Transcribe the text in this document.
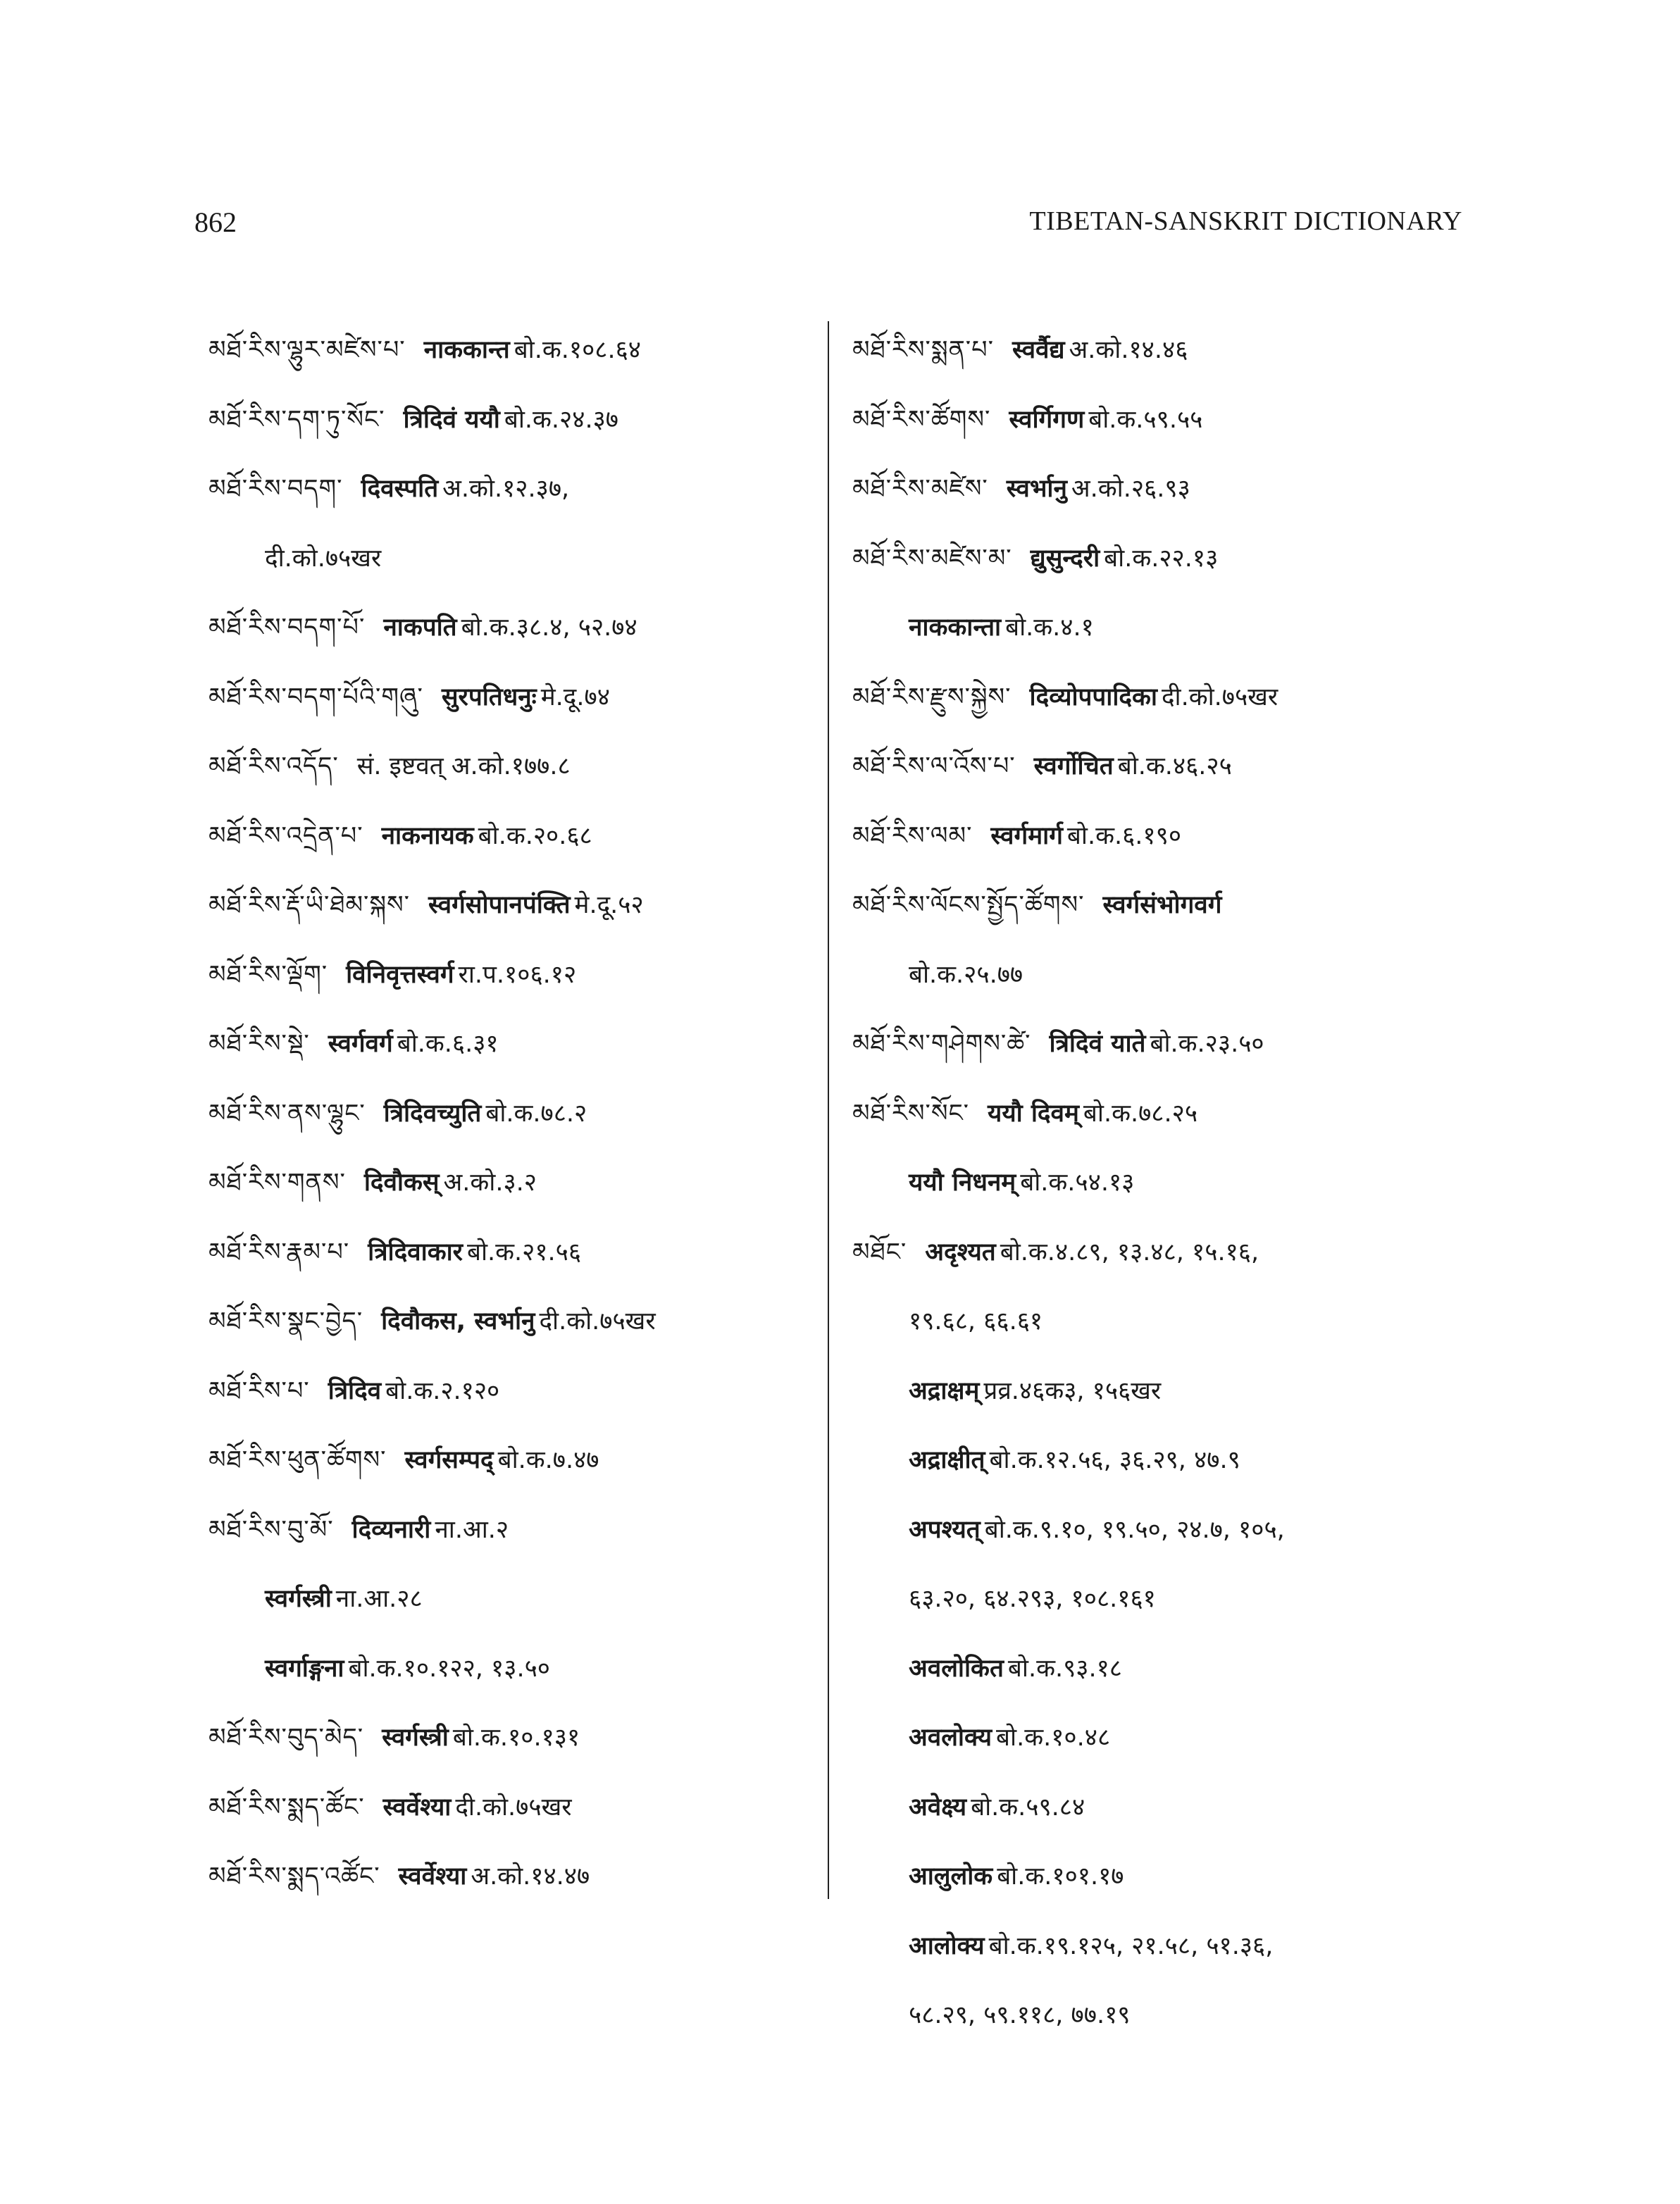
862	TIBETAN-SANSKRIT DICTIONARY
མཐོ་རིས་ལྷུར་མཛེས་པ་ नाककान्त बो.क.१०८.६४
མཐོ་རིས་དག་ཏུ་སོང་ त्रिदिवं ययौ बो.क.२४.३७
མཐོ་རིས་བདག་ दिवस्पति अ.को.१२.३७,
दी.को.७५खर
མཐོ་རིས་བདག་པོ་ नाकपति बो.क.३८.४, ५२.७४
མཐོ་རིས་བདག་པོའི་གཞུ་ सुरपतिधनुः मे.दू.७४
མཐོ་རིས་འདོད་ सं. इष्टवत् अ.को.१७७.८
མཐོ་རིས་འདྲེན་པ་ नाकनायक बो.क.२०.६८
མཐོ་རིས་རྡོ་ཡི་ཐེམ་སྐས་ स्वर्गसोपानपंक्ति मे.दू.५२
མཐོ་རིས་ལྡོག་ विनिवृत्तस्वर्ग रा.प.१०६.१२
མཐོ་རིས་སྡེ་ स्वर्गवर्ग बो.क.६.३१
མཐོ་རིས་ནས་ལྷུང་ त्रिदिवच्युति बो.क.७८.२
མཐོ་རིས་གནས་ दिवौकस् अ.को.३.२
མཐོ་རིས་རྣམ་པ་ त्रिदिवाकार बो.क.२१.५६
མཐོ་རིས་སྣང་བྱེད་ दिवौकस, स्वर्भानु दी.को.७५खर
མཐོ་རིས་པ་ त्रिदिव बो.क.२.१२०
མཐོ་རིས་ཕུན་ཚོགས་ स्वर्गसम्पद् बो.क.७.४७
མཐོ་རིས་བུ་མོ་ दिव्यनारी ना.आ.२
स्वर्गस्त्री ना.आ.२८
स्वर्गाङ्गना बो.क.१०.१२२, १३.५०
མཐོ་རིས་བུད་མེད་ स्वर्गस्त्री बो.क.१०.१३१
མཐོ་རིས་སྨད་ཚོང་ स्वर्वेश्या दी.को.७५खर
མཐོ་རིས་སྨད་འཚོང་ स्वर्वेश्या अ.को.१४.४७
མཐོ་རིས་སྨན་པ་ स्वर्वैद्य अ.को.१४.४६
མཐོ་རིས་ཚོགས་ स्वर्गिगण बो.क.५९.५५
མཐོ་རིས་མཛེས་ स्वर्भानु अ.को.२६.९३
མཐོ་རིས་མཛེས་མ་ द्युसुन्दरी बो.क.२२.१३
नाककान्ता बो.क.४.१
མཐོ་རིས་རྫུས་སྐྱེས་ दिव्योपपादिका दी.को.७५खर
མཐོ་རིས་ལ་འོས་པ་ स्वर्गोचित बो.क.४६.२५
མཐོ་རིས་ལམ་ स्वर्गमार्ग बो.क.६.१९०
མཐོ་རིས་ལོངས་སྤྱོད་ཚོགས་ स्वर्गसंभोगवर्ग
बो.क.२५.७७
མཐོ་རིས་གཤེགས་ཚེ་ त्रिदिवं याते बो.क.२३.५०
མཐོ་རིས་སོང་ ययौ दिवम् बो.क.७८.२५
ययौ निधनम् बो.क.५४.१३
མཐོང་ अदृश्यत बो.क.४.८९, १३.४८, १५.१६,
१९.६८, ६६.६१
अद्राक्षम् प्रव्र.४६क३, १५६खर
अद्राक्षीत् बो.क.१२.५६, ३६.२९, ४७.९
अपश्यत् बो.क.९.१०, १९.५०, २४.७, १०५,
६३.२०, ६४.२९३, १०८.१६१
अवलोकित बो.क.९३.१८
अवलोक्य बो.क.१०.४८
अवेक्ष्य बो.क.५९.८४
आलुलोक बो.क.१०१.१७
आलोक्य बो.क.१९.१२५, २१.५८, ५१.३६,
५८.२९, ५९.११८, ७७.१९
